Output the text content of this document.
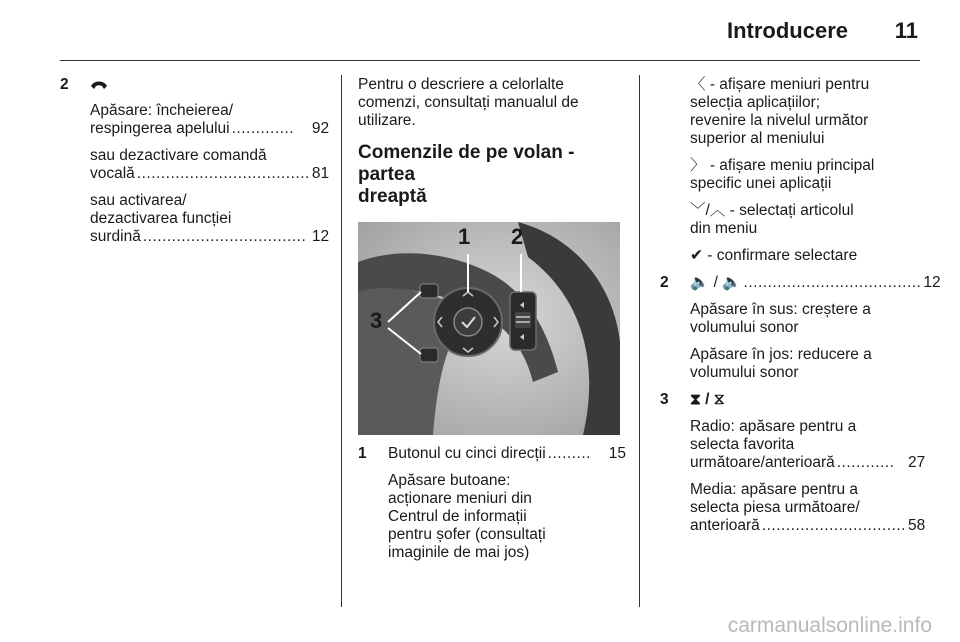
Introducere 11
2

Apăsare: încheierea/

respingerea apelului .............	92

sau dezactivare comandă

vocală .................................... 81

sau activarea/

dezactivarea funcției

surdină .................................. 12

Pentru o descriere a celorlalte

comenzi, consultați manualul de

utilizare.

Comenzile de pe volan - partea

dreaptă

1 2
3
1	Butonul cu cinci direcții .........	15

Apăsare butoane:

acționare meniuri din

Centrul de informații

pentru șofer (consultați

imaginile de mai jos)

〈 - afișare meniuri pentru

selecția aplicațiilor;

revenire la nivelul următor

superior al meniului

〉 - afișare meniu principal

specific unei aplicații

﹀/︿ - selectați articolul

din meniu

✔ - confirmare selectare

2	🔈 / 🔈 ..................................... 12

Apăsare în sus: creștere a

volumului sonor

Apăsare în jos: reducere a

volumului sonor

3	⧗ / ⧖

Radio: apăsare pentru a

selecta favorita

următoare/anterioară ............ 27

Media: apăsare pentru a

selecta piesa următoare/

anterioară .............................. 58
carmanualsonline.info
